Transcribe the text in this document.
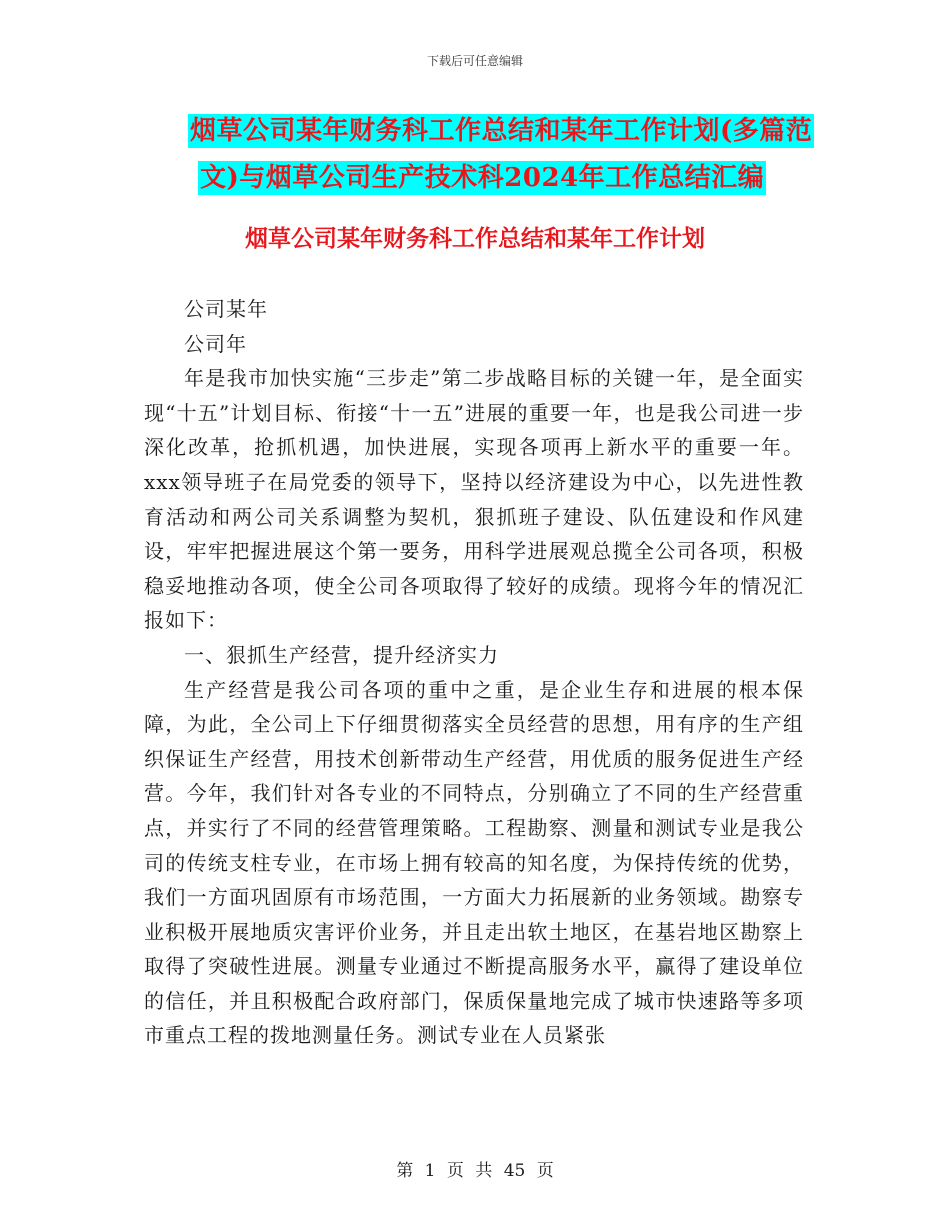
下载后可任意编辑
烟草公司某年财务科工作总结和某年工作计划(多篇范
文)与烟草公司生产技术科2024年工作总结汇编
烟草公司某年财务科工作总结和某年工作计划

公司某年

公司年

年是我市加快实施“三步走”第二步战略目标的关键一年，是全面实现“十五”计划目标、衔接“十一五”进展的重要一年，也是我公司进一步深化改革，抢抓机遇，加快进展，实现各项再上新水平的重要一年。xxx领导班子在局党委的领导下，坚持以经济建设为中心，以先进性教育活动和两公司关系调整为契机，狠抓班子建设、队伍建设和作风建设，牢牢把握进展这个第一要务，用科学进展观总揽全公司各项，积极稳妥地推动各项，使全公司各项取得了较好的成绩。现将今年的情况汇报如下：

一、狠抓生产经营，提升经济实力

生产经营是我公司各项的重中之重，是企业生存和进展的根本保障，为此，全公司上下仔细贯彻落实全员经营的思想，用有序的生产组织保证生产经营，用技术创新带动生产经营，用优质的服务促进生产经营。今年，我们针对各专业的不同特点，分别确立了不同的生产经营重点，并实行了不同的经营管理策略。工程勘察、测量和测试专业是我公司的传统支柱专业，在市场上拥有较高的知名度，为保持传统的优势，我们一方面巩固原有市场范围，一方面大力拓展新的业务领域。勘察专业积极开展地质灾害评价业务，并且走出软土地区，在基岩地区勘察上取得了突破性进展。测量专业通过不断提高服务水平，赢得了建设单位的信任，并且积极配合政府部门，保质保量地完成了城市快速路等多项市重点工程的拨地测量任务。测试专业在人员紧张

第 1 页 共 45 页
